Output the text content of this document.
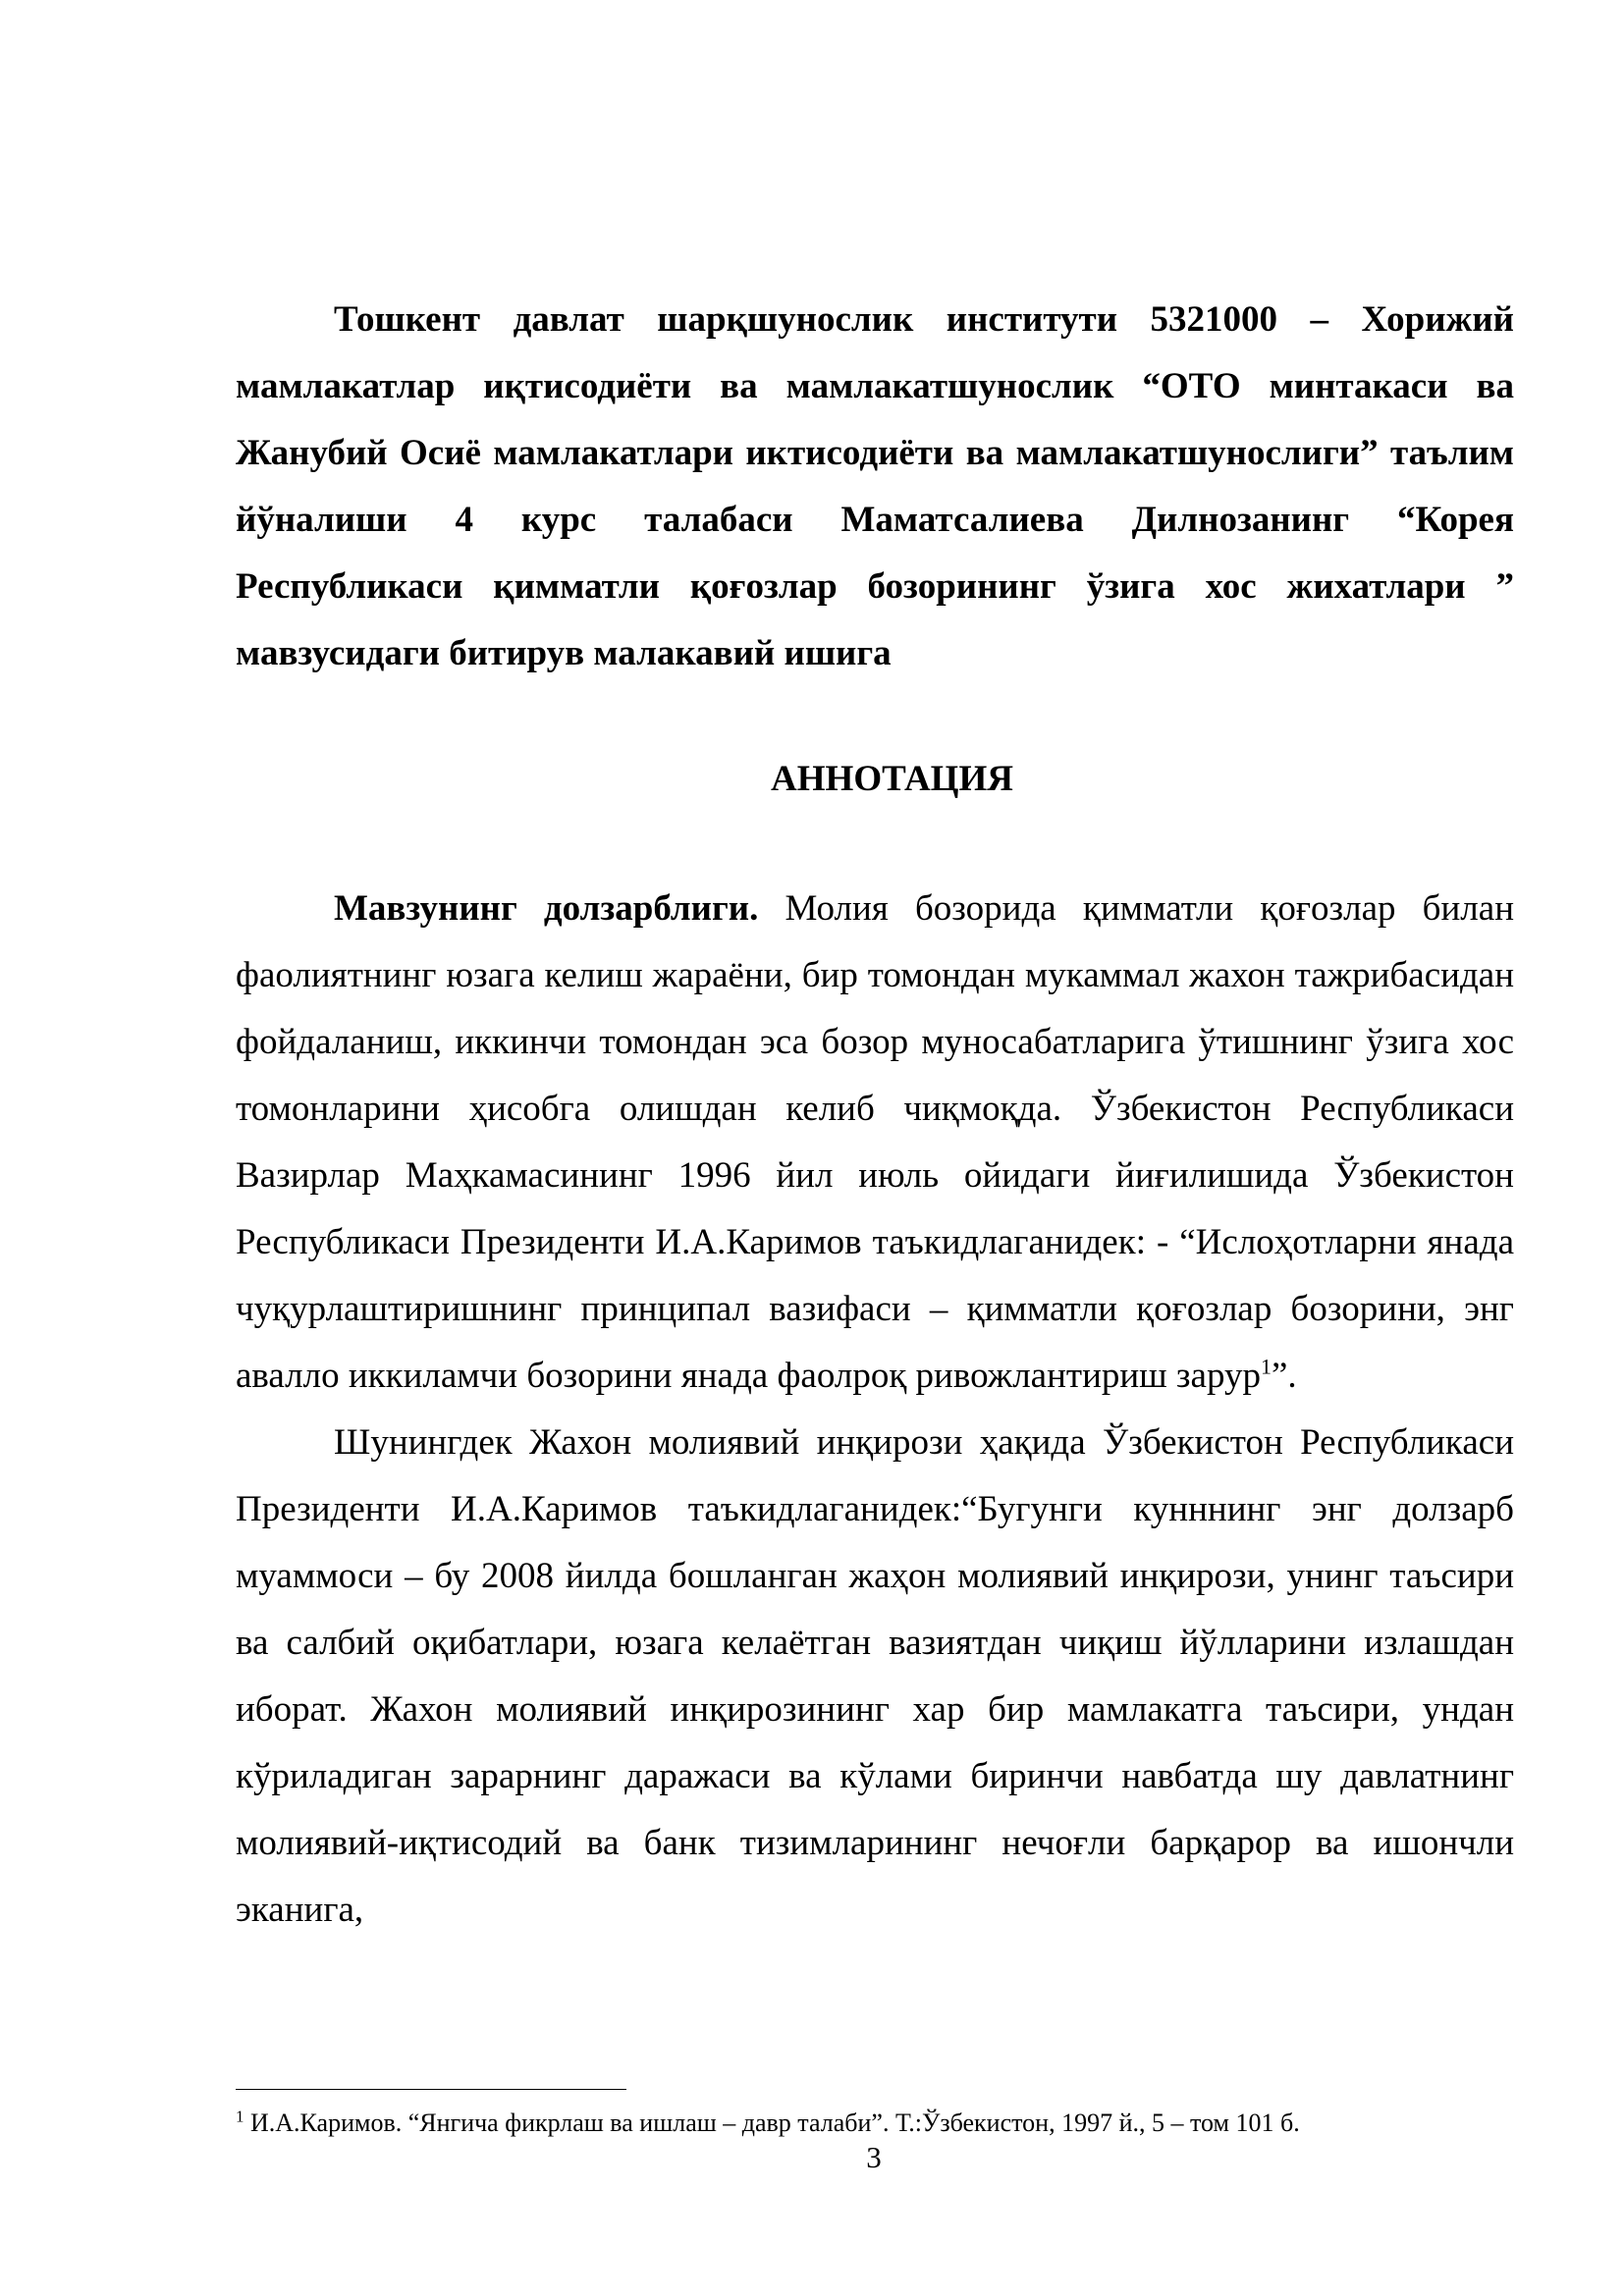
Тошкент давлат шарқшунослик институти 5321000 – Хорижий мамлакатлар иқтисодиёти ва мамлакатшунослик “ОТО минтакаси ва Жанубий Осиё мамлакатлари иктисодиёти ва мамлакатшунослиги” таълим йўналиши 4 курс талабаси Маматсалиева Дилнозанинг “Корея Республикаси қимматли қоғозлар бозорининг ўзига хос жихатлари ” мавзусидаги битирув малакавий ишига

АННОТАЦИЯ

Мавзунинг долзарблиги. Молия бозорида қимматли қоғозлар билан фаолиятнинг юзага келиш жараёни, бир томондан мукаммал жахон тажрибасидан фойдаланиш, иккинчи томондан эса бозор муносабатларига ўтишнинг ўзига хос томонларини ҳисобга олишдан келиб чиқмоқда. Ўзбекистон Республикаси Вазирлар Маҳкамасининг 1996 йил июль ойидаги йиғилишида Ўзбекистон Республикаси Президенти И.А.Каримов таъкидлаганидек: - “Ислоҳотларни янада чуқурлаштиришнинг принципал вазифаси – қимматли қоғозлар бозорини, энг авалло иккиламчи бозорини янада фаолроқ ривожлантириш зарур$^1$”.

Шунингдек Жахон молиявий инқирози ҳақида Ўзбекистон Республикаси Президенти И.А.Каримов таъкидлаганидек:“Бугунги кунннинг энг долзарб муаммоси – бу 2008 йилда бошланган жаҳон молиявий инқирози, унинг таъсири ва салбий оқибатлари, юзага келаётган вазиятдан чиқиш йўлларини излашдан иборат. Жахон молиявий инқирозининг хар бир мамлакатга таъсири, ундан кўриладиган зарарнинг даражаси ва кўлами биринчи навбатда шу давлатнинг молиявий-иқтисодий ва банк тизимларининг нечоғли барқарор ва ишончли эканига,

$^1$ И.А.Каримов. “Янгича фикрлаш ва ишлаш – давр талаби”. Т.:Ўзбекистон, 1997 й., 5 – том 101 б.

3
